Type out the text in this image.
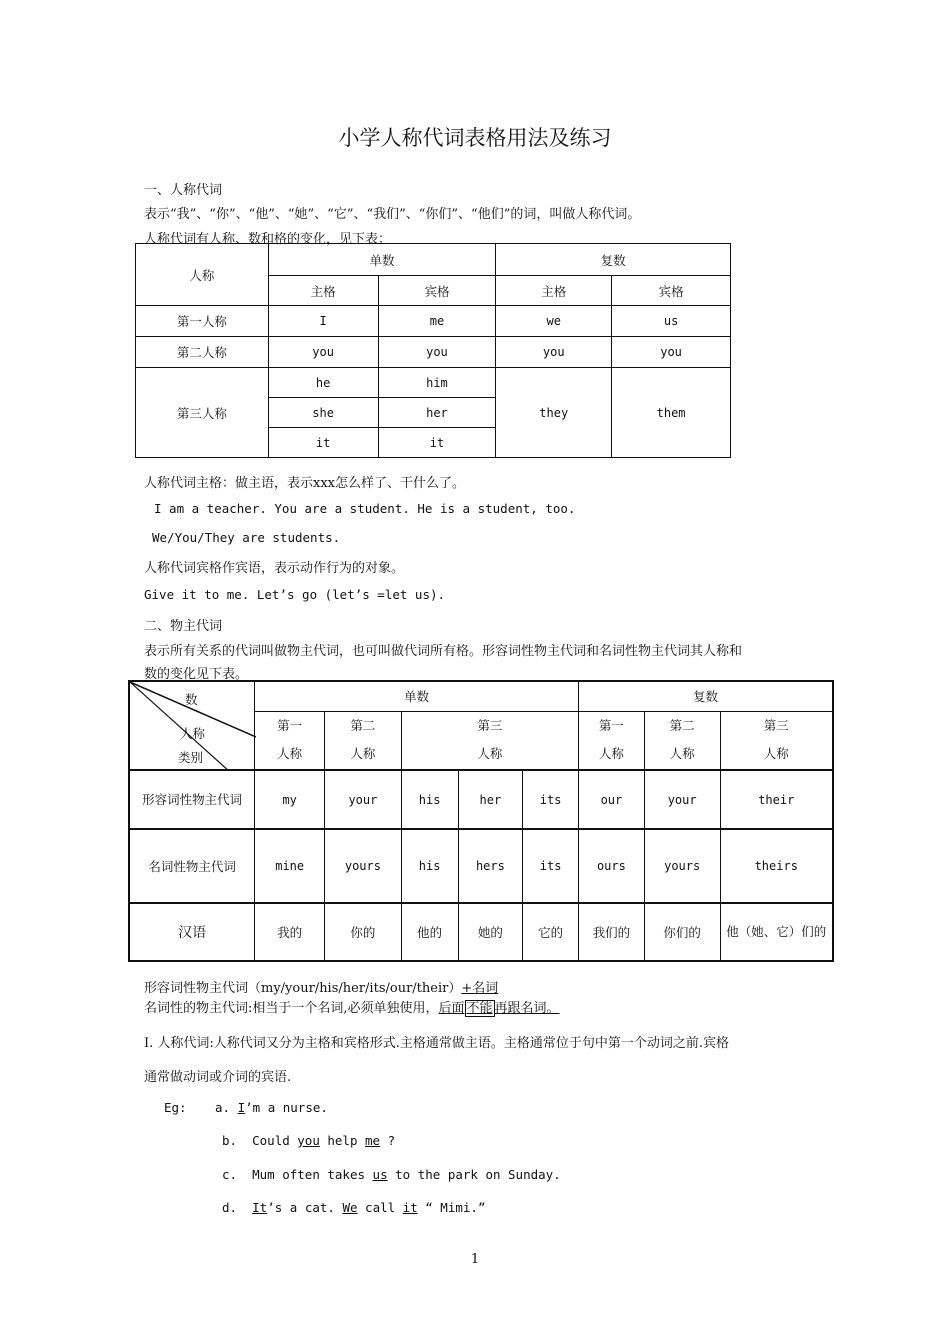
小学人称代词表格用法及练习
一、人称代词
表示“我”、“你”、“他”、“她”、“它”、“我们”、“你们”、“他们”的词，叫做人称代词。
人称代词有人称、数和格的变化，见下表：
人称	单数		复数	
	主格	宾格	主格	宾格
第一人称	I	me	we	us
第二人称	you	you	you	you
第三人称	he	him	they	them
	she	her		
	it	it		
人称代词主格：做主语，表示xxx怎么样了、干什么了。
I am a teacher. You are a student. He is a student, too.
We/You/They are students.
人称代词宾格作宾语，表示动作行为的对象。
Give it to me. Let’s go (let’s =let us).
二、物主代词
表示所有关系的代词叫做物主代词，也可叫做代词所有格。形容词性物主代词和名词性物主代词其人称和
数的变化见下表。
数
人称
类别	单数					复数		

	第一人称	第二人称	第三人称			第一人称	第二人称	第三人称

形容词性物主代词	my	your	his	her	its	our	your	their
名词性物主代词	mine	yours	his	hers	its	ours	yours	theirs
汉语	我的	你的	他的	她的	它的	我们的	你们的	他（她、它）们的
形容词性物主代词（my/your/his/her/its/our/their）+名词
名词性的物主代词:相当于一个名词,必须单独使用，后面 不能 再跟名词。
I. 人称代词:人称代词又分为主格和宾格形式.主格通常做主语。主格通常位于句中第一个动词之前.宾格
通常做动词或介词的宾语.
Eg: a. I’m a nurse.
b. Could you help me ?
c. Mum often takes us to the park on Sunday.
d. It’s a cat. We call it “ Mimi.”
1
